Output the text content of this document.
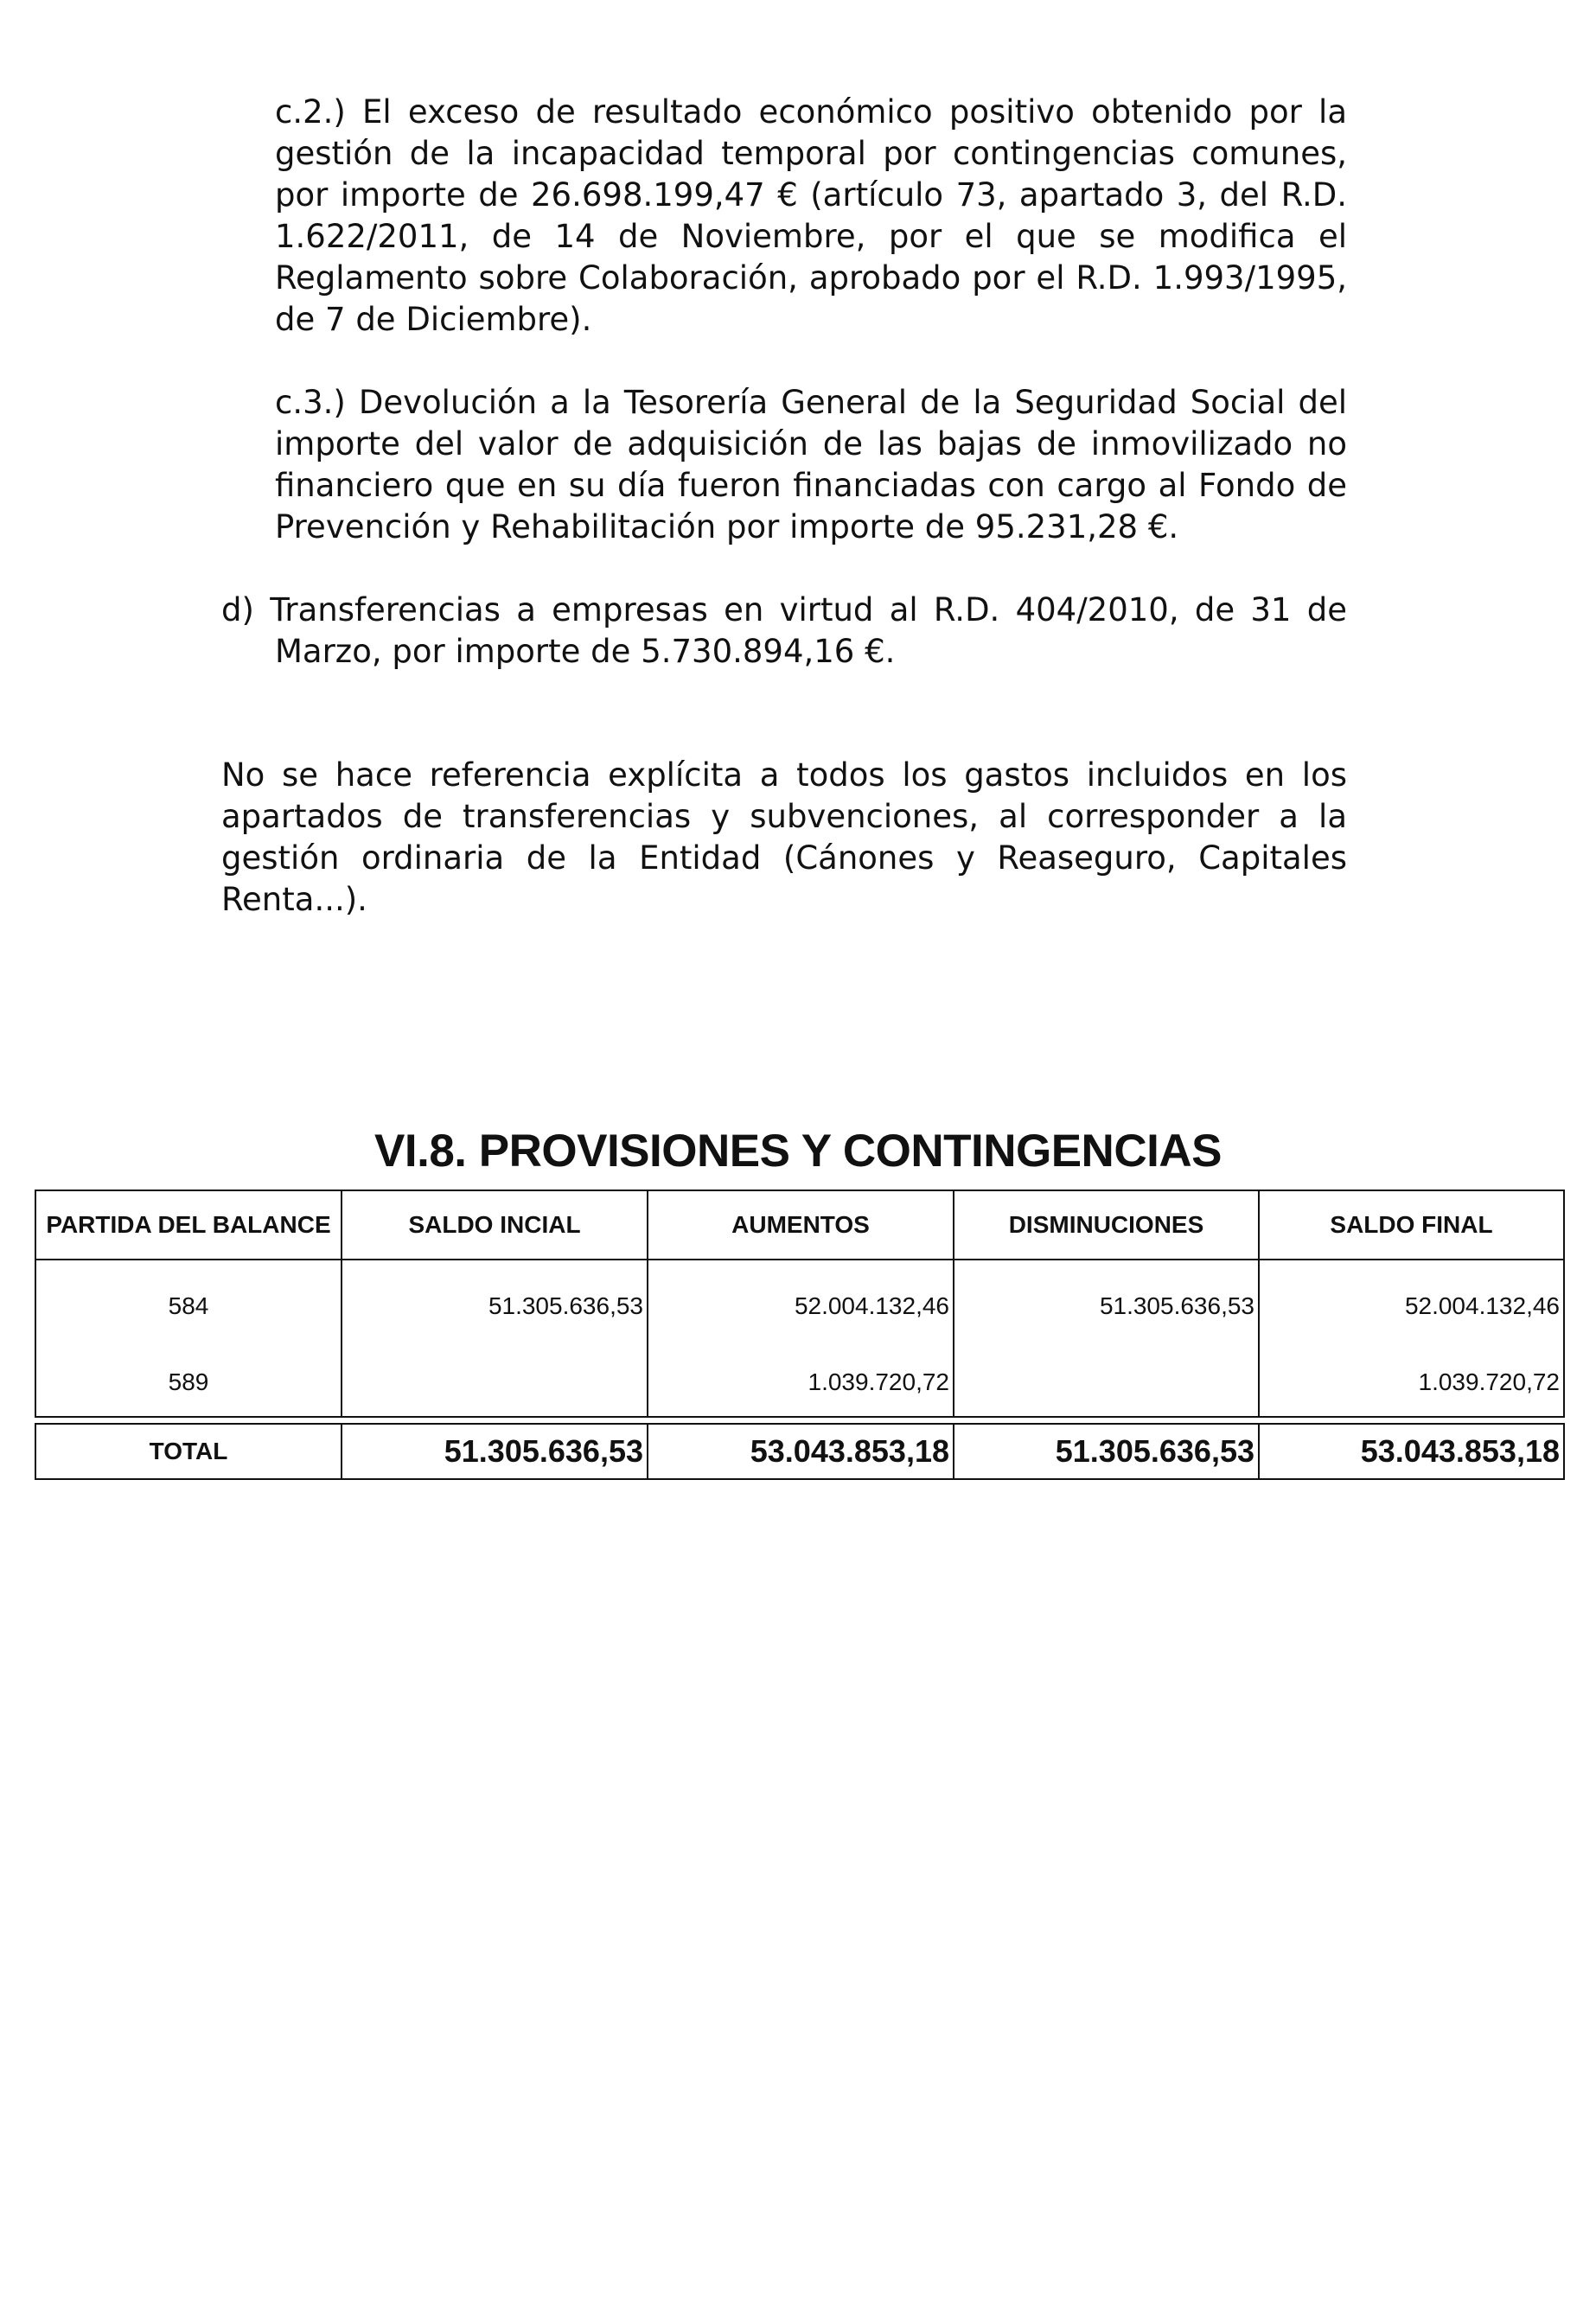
c.2.) El exceso de resultado económico positivo obtenido por la gestión de la incapacidad temporal por contingencias comunes, por importe de 26.698.199,47 € (artículo 73, apartado 3, del R.D. 1.622/2011, de 14 de Noviembre, por el que se modifica el Reglamento sobre Colaboración, aprobado por el R.D. 1.993/1995, de 7 de Diciembre).

c.3.) Devolución a la Tesorería General de la Seguridad Social del importe del valor de adquisición de las bajas de inmovilizado no financiero que en su día fueron financiadas con cargo al Fondo de Prevención y Rehabilitación por importe de 95.231,28 €.

d) Transferencias a empresas en virtud al R.D. 404/2010, de 31 de Marzo, por importe de 5.730.894,16 €.

No se hace referencia explícita a todos los gastos incluidos en los apartados de transferencias y subvenciones, al corresponder a la gestión ordinaria de la Entidad (Cánones y Reaseguro, Capitales Renta...).

VI.8. PROVISIONES Y CONTINGENCIAS
PARTIDA DEL BALANCE	SALDO INCIAL	AUMENTOS	DISMINUCIONES	SALDO FINAL
584	51.305.636,53	52.004.132,46	51.305.636,53	52.004.132,46
589		1.039.720,72		1.039.720,72
TOTAL	51.305.636,53	53.043.853,18	51.305.636,53	53.043.853,18
